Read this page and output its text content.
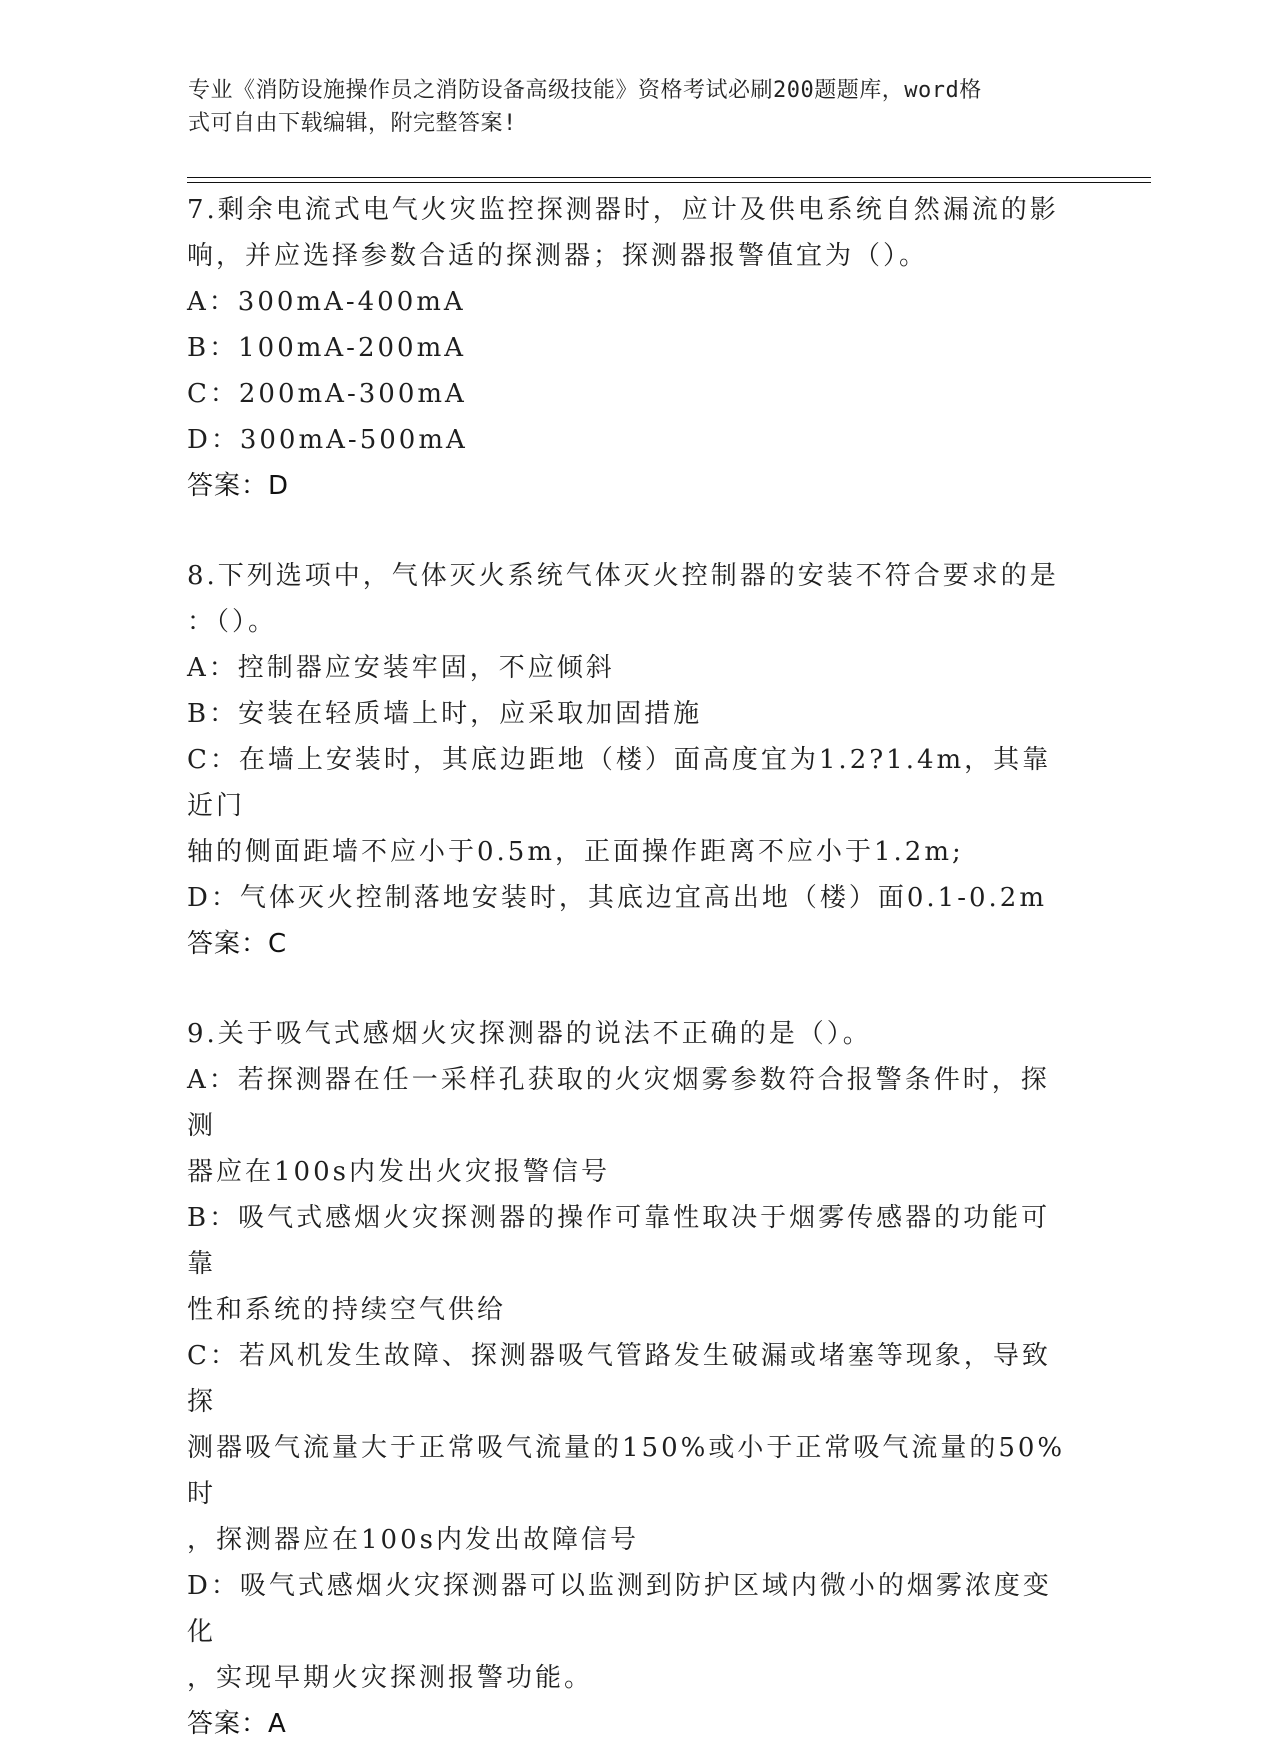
专业《消防设施操作员之消防设备高级技能》资格考试必刷200题题库，word格
式可自由下载编辑，附完整答案!
7.剩余电流式电气火灾监控探测器时，应计及供电系统自然漏流的影
响，并应选择参数合适的探测器；探测器报警值宜为（）。
A：300mA-400mA
B：100mA-200mA
C：200mA-300mA
D：300mA-500mA
答案：D
8.下列选项中，气体灭火系统气体灭火控制器的安装不符合要求的是
：（）。
A：控制器应安装牢固，不应倾斜
B：安装在轻质墙上时，应采取加固措施
C：在墙上安装时，其底边距地（楼）面高度宜为1.2?1.4m，其靠近门
轴的侧面距墙不应小于0.5m，正面操作距离不应小于1.2m;
D：气体灭火控制落地安装时，其底边宜高出地（楼）面0.1-0.2m
答案：C
9.关于吸气式感烟火灾探测器的说法不正确的是（）。
A：若探测器在任一采样孔获取的火灾烟雾参数符合报警条件时，探测
器应在100s内发出火灾报警信号
B：吸气式感烟火灾探测器的操作可靠性取决于烟雾传感器的功能可靠
性和系统的持续空气供给
C：若风机发生故障、探测器吸气管路发生破漏或堵塞等现象，导致探
测器吸气流量大于正常吸气流量的150%或小于正常吸气流量的50%时
，探测器应在100s内发出故障信号
D：吸气式感烟火灾探测器可以监测到防护区域内微小的烟雾浓度变化
，实现早期火灾探测报警功能。
答案：A
